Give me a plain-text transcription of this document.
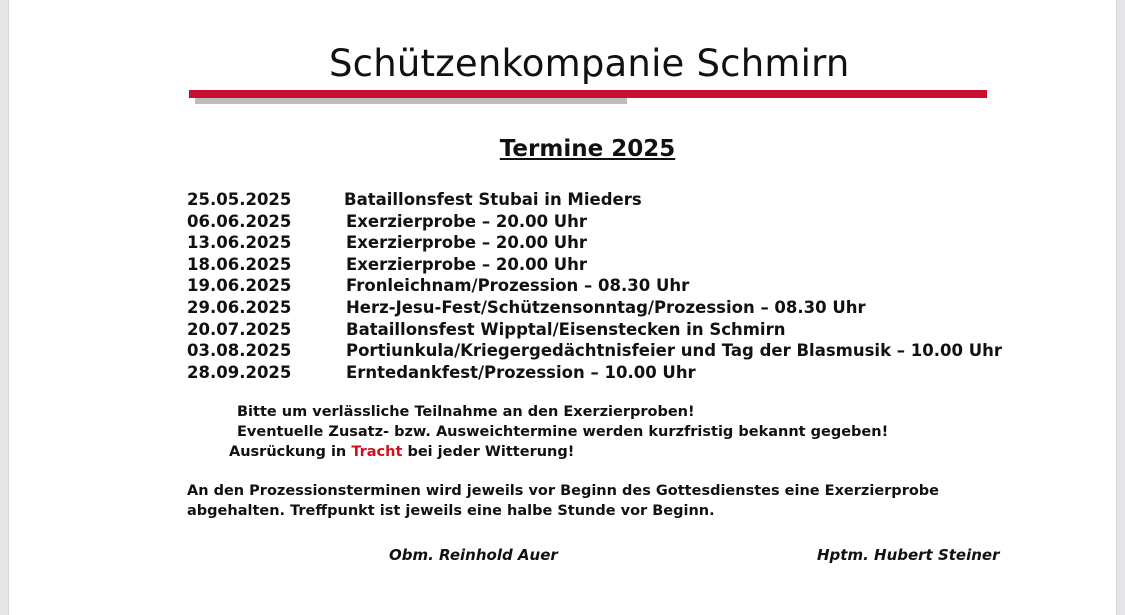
Schützenkompanie Schmirn
Termine 2025
25.05.2025	Bataillonsfest Stubai in Mieders
06.06.2025	Exerzierprobe – 20.00 Uhr
13.06.2025	Exerzierprobe – 20.00 Uhr
18.06.2025	Exerzierprobe – 20.00 Uhr
19.06.2025	Fronleichnam/Prozession – 08.30 Uhr
29.06.2025	Herz-Jesu-Fest/Schützensonntag/Prozession – 08.30 Uhr
20.07.2025	Bataillonsfest Wipptal/Eisenstecken in Schmirn
03.08.2025	Portiunkula/Kriegergedächtnisfeier und Tag der Blasmusik – 10.00 Uhr
28.09.2025	Erntedankfest/Prozession – 10.00 Uhr
Bitte um verlässliche Teilnahme an den Exerzierproben!
Eventuelle Zusatz- bzw. Ausweichtermine werden kurzfristig bekannt gegeben!
Ausrückung in Tracht bei jeder Witterung!
An den Prozessionsterminen wird jeweils vor Beginn des Gottesdienstes eine Exerzierprobe
abgehalten. Treffpunkt ist jeweils eine halbe Stunde vor Beginn.
Obm. Reinhold Auer	Hptm. Hubert Steiner
